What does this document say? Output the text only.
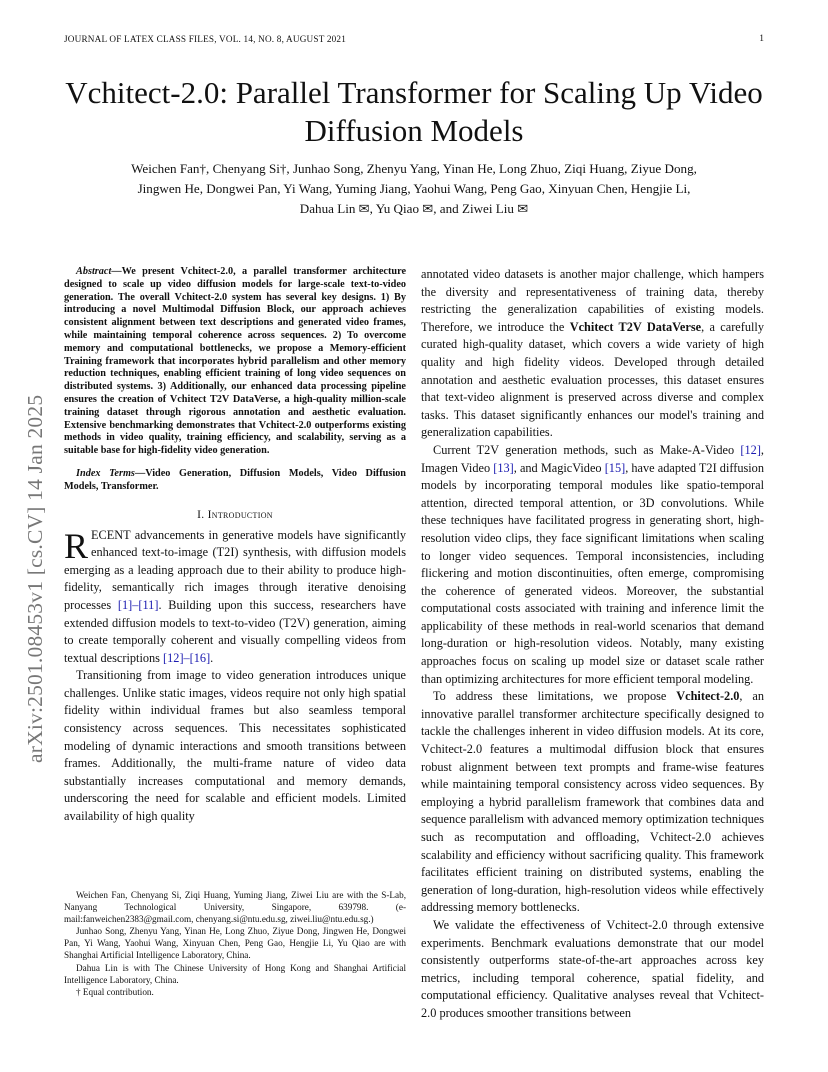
JOURNAL OF LATEX CLASS FILES, VOL. 14, NO. 8, AUGUST 2021	1
Vchitect-2.0: Parallel Transformer for Scaling Up Video Diffusion Models
Weichen Fan†, Chenyang Si†, Junhao Song, Zhenyu Yang, Yinan He, Long Zhuo, Ziqi Huang, Ziyue Dong,
Jingwen He, Dongwei Pan, Yi Wang, Yuming Jiang, Yaohui Wang, Peng Gao, Xinyuan Chen, Hengjie Li,
Dahua Lin ✉, Yu Qiao ✉, and Ziwei Liu ✉
arXiv:2501.08453v1 [cs.CV] 14 Jan 2025

Abstract—We present Vchitect-2.0, a parallel transformer architecture designed to scale up video diffusion models for large-scale text-to-video generation. The overall Vchitect-2.0 system has several key designs. 1) By introducing a novel Multimodal Diffusion Block, our approach achieves consistent alignment between text descriptions and generated video frames, while maintaining temporal coherence across sequences. 2) To overcome memory and computational bottlenecks, we propose a Memory-efficient Training framework that incorporates hybrid parallelism and other memory reduction techniques, enabling efficient training of long video sequences on distributed systems. 3) Additionally, our enhanced data processing pipeline ensures the creation of Vchitect T2V DataVerse, a high-quality million-scale training dataset through rigorous annotation and aesthetic evaluation. Extensive benchmarking demonstrates that Vchitect-2.0 outperforms existing methods in video quality, training efficiency, and scalability, serving as a suitable base for high-fidelity video generation.

Index Terms—Video Generation, Diffusion Models, Video Diffusion Models, Transformer.

I. Introduction

RECENT advancements in generative models have significantly enhanced text-to-image (T2I) synthesis, with diffusion models emerging as a leading approach due to their ability to produce high-fidelity, semantically rich images through iterative denoising processes [1]–[11]. Building upon this success, researchers have extended diffusion models to text-to-video (T2V) generation, aiming to create temporally coherent and visually compelling videos from textual descriptions [12]–[16].

Transitioning from image to video generation introduces unique challenges. Unlike static images, videos require not only high spatial fidelity within individual frames but also seamless temporal consistency across sequences. This necessitates sophisticated modeling of dynamic interactions and smooth transitions between frames. Additionally, the multi-frame nature of video data substantially increases computational and memory demands, underscoring the need for scalable and efficient models. Limited availability of high quality

Weichen Fan, Chenyang Si, Ziqi Huang, Yuming Jiang, Ziwei Liu are with the S-Lab, Nanyang Technological University, Singapore, 639798. (e-mail:fanweichen2383@gmail.com, chenyang.si@ntu.edu.sg, ziwei.liu@ntu.edu.sg.)

Junhao Song, Zhenyu Yang, Yinan He, Long Zhuo, Ziyue Dong, Jingwen He, Dongwei Pan, Yi Wang, Yaohui Wang, Xinyuan Chen, Peng Gao, Hengjie Li, Yu Qiao are with Shanghai Artificial Intelligence Laboratory, China.

Dahua Lin is with The Chinese University of Hong Kong and Shanghai Artificial Intelligence Laboratory, China.

† Equal contribution.

annotated video datasets is another major challenge, which hampers the diversity and representativeness of training data, thereby restricting the generalization capabilities of existing models. Therefore, we introduce the Vchitect T2V DataVerse, a carefully curated high-quality dataset, which covers a wide variety of high quality and high fidelity videos. Developed through detailed annotation and aesthetic evaluation processes, this dataset ensures that text-video alignment is preserved across diverse and complex tasks. This dataset significantly enhances our model's training and generalization capabilities.

Current T2V generation methods, such as Make-A-Video [12], Imagen Video [13], and MagicVideo [15], have adapted T2I diffusion models by incorporating temporal modules like spatio-temporal attention, directed temporal attention, or 3D convolutions. While these techniques have facilitated progress in generating short, high-resolution video clips, they face significant limitations when scaling to longer video sequences. Temporal inconsistencies, including flickering and motion discontinuities, often emerge, compromising the coherence of generated videos. Moreover, the substantial computational costs associated with training and inference limit the applicability of these methods in real-world scenarios that demand long-duration or high-resolution videos. Notably, many existing approaches focus on scaling up model size or dataset scale rather than optimizing architectures for more efficient temporal modeling.

To address these limitations, we propose Vchitect-2.0, an innovative parallel transformer architecture specifically designed to tackle the challenges inherent in video diffusion models. At its core, Vchitect-2.0 features a multimodal diffusion block that ensures robust alignment between text prompts and frame-wise features while maintaining temporal consistency across video sequences. By employing a hybrid parallelism framework that combines data and sequence parallelism with advanced memory optimization techniques such as recomputation and offloading, Vchitect-2.0 achieves scalability and efficiency without sacrificing quality. This framework facilitates efficient training on distributed systems, enabling the generation of long-duration, high-resolution videos while effectively addressing memory bottlenecks.

We validate the effectiveness of Vchitect-2.0 through extensive experiments. Benchmark evaluations demonstrate that our model consistently outperforms state-of-the-art approaches across key metrics, including temporal coherence, spatial fidelity, and computational efficiency. Qualitative analyses reveal that Vchitect-2.0 produces smoother transitions between
